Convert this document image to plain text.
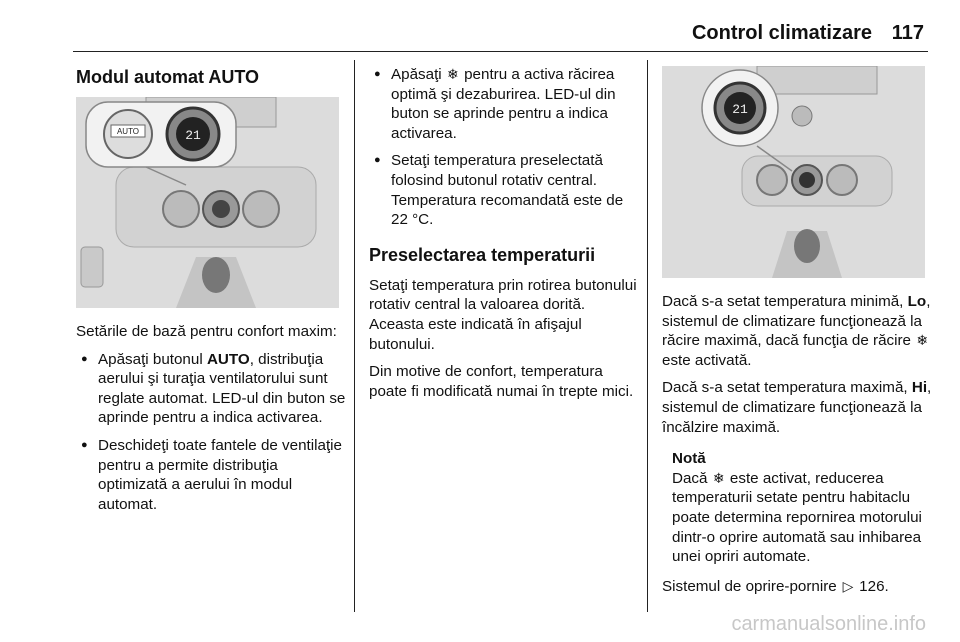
Control climatizare 117
Modul automat AUTO
AUTO	21

Setările de bază pentru confort maxim:

● Apăsaţi butonul AUTO, distribuţia aerului şi turaţia ventilatorului sunt reglate automat. LED-ul din buton se aprinde pentru a indica activarea.
● Deschideţi toate fantele de ventilaţie pentru a permite distribuţia optimizată a aerului în modul automat.
● Apăsaţi ❄ pentru a activa răcirea optimă şi dezaburirea. LED-ul din buton se aprinde pentru a indica activarea.
● Setaţi temperatura preselectată folosind butonul rotativ central. Temperatura recomandată este de 22 °C.
Preselectarea temperaturii

Setaţi temperatura prin rotirea butonului rotativ central la valoarea dorită. Aceasta este indicată în afişajul butonului.

Din motive de confort, temperatura poate fi modificată numai în trepte mici.

21

Dacă s-a setat temperatura minimă, Lo, sistemul de climatizare funcţionează la răcire maximă, dacă funcţia de răcire ❄ este activată.

Dacă s-a setat temperatura maximă, Hi, sistemul de climatizare funcţionează la încălzire maximă.

Notă

Dacă ❄ este activat, reducerea temperaturii setate pentru habitaclu poate determina repornirea motorului dintr-o oprire automată sau inhibarea unei opriri automate.

Sistemul de oprire-pornire ▷ 126.

carmanualsonline.info
